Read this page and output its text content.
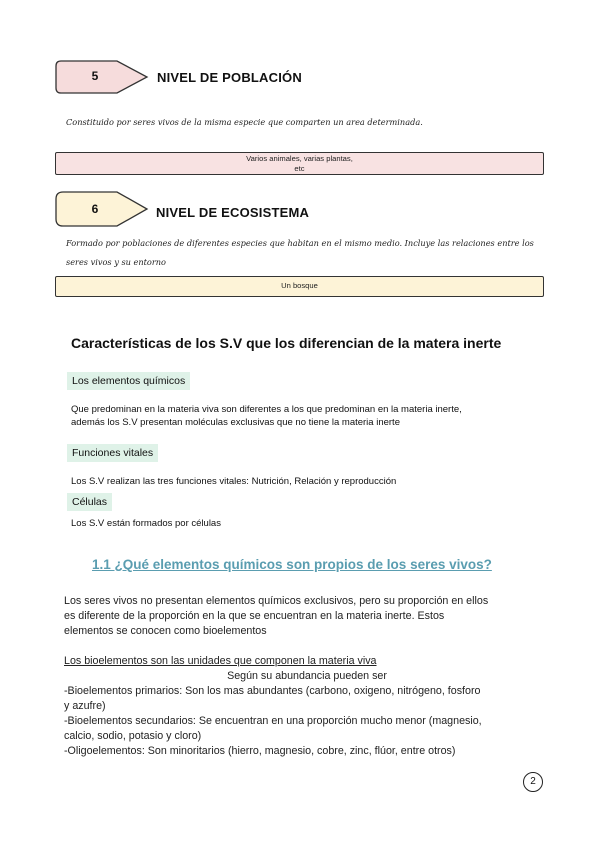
5	NIVEL DE POBLACIÓN
Constituido por seres vivos de la misma especie que comparten un area determinada.
Varios animales, varias plantas,
etc
6	NIVEL DE ECOSISTEMA
Formado por poblaciones de diferentes especies que habitan en el mismo medio. Incluye las relaciones entre los
seres vivos y su entorno
Un bosque
Características de los S.V que los diferencian de la matera inerte
Los elementos químicos
Que predominan en la materia viva son diferentes a los que predominan en la materia inerte,
además los S.V presentan moléculas exclusivas que no tiene la materia inerte
Funciones vitales
Los S.V realizan las tres funciones vitales: Nutrición, Relación y reproducción
Células
Los S.V están formados por células
1.1 ¿Qué elementos químicos son propios de los seres vivos?
Los seres vivos no presentan elementos químicos exclusivos, pero su proporción en ellos
es diferente de la proporción en la que se encuentran en la materia inerte. Estos
elementos se conocen como bioelementos
Los bioelementos son las unidades que componen la materia viva
Según su abundancia pueden ser
-Bioelementos primarios: Son los mas abundantes (carbono, oxigeno, nitrógeno, fosforo
y azufre)
-Bioelementos secundarios: Se encuentran en una proporción mucho menor (magnesio,
calcio, sodio, potasio y cloro)
-Oligoelementos: Son minoritarios (hierro, magnesio, cobre, zinc, flúor, entre otros)
2
